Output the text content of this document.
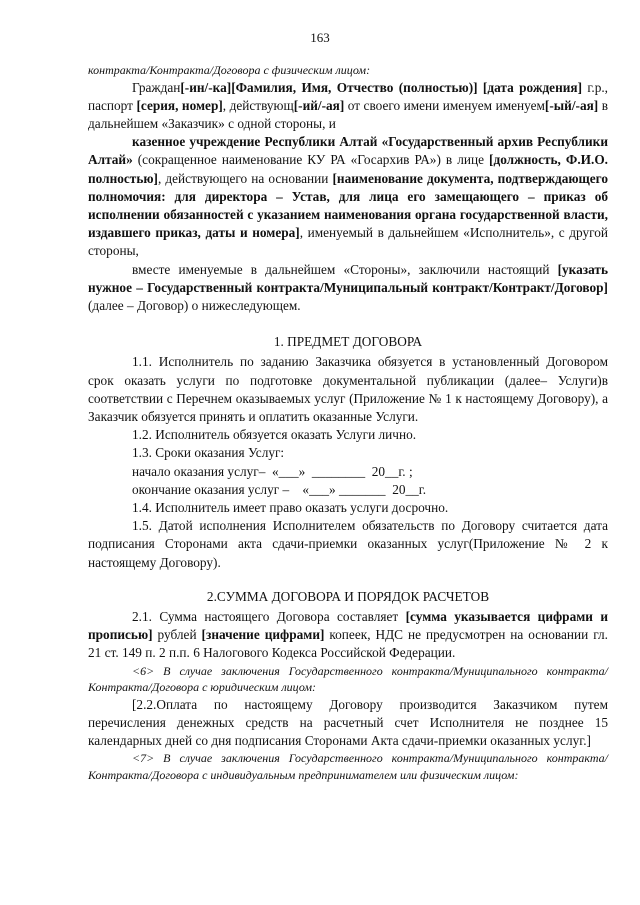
163

контракта/Контракта/Договора с физическим лицом:

Граждан[-ин/-ка][Фамилия, Имя, Отчество (полностью)] [дата рождения] г.р., паспорт [серия, номер], действующ[-ий/-ая] от своего имени именуем именуем[-ый/-ая] в дальнейшем «Заказчик» с одной стороны, и

казенное учреждение Республики Алтай «Государственный архив Республики Алтай» (сокращенное наименование КУ РА «Госархив РА») в лице [должность, Ф.И.О. полностью], действующего на основании [наименование документа, подтверждающего полномочия: для директора – Устав, для лица его замещающего – приказ об исполнении обязанностей с указанием наименования органа государственной власти, издавшего приказ, даты и номера], именуемый в дальнейшем «Исполнитель», с другой стороны,

вместе именуемые в дальнейшем «Стороны», заключили настоящий [указать нужное – Государственный контракта/Муниципальный контракт/Контракт/Договор] (далее – Договор) о нижеследующем.

1. ПРЕДМЕТ ДОГОВОРА

1.1. Исполнитель по заданию Заказчика обязуется в установленный Договором срок оказать услуги по подготовке документальной публикации (далее– Услуги)в соответствии с Перечнем оказываемых услуг (Приложение № 1 к настоящему Договору), а Заказчик обязуется принять и оплатить оказанные Услуги.

1.2. Исполнитель обязуется оказать Услуги лично.

1.3. Сроки оказания Услуг:

начало оказания услуг–  «___»  ________  20__г. ;

окончание оказания услуг –    «___» _______  20__г.

1.4. Исполнитель имеет право оказать услуги досрочно.

1.5. Датой исполнения Исполнителем обязательств по Договору считается дата подписания Сторонами акта сдачи-приемки оказанных услуг(Приложение № 2 к настоящему Договору).

2.СУММА ДОГОВОРА И ПОРЯДОК РАСЧЕТОВ

2.1. Сумма настоящего Договора составляет [сумма указывается цифрами и прописью] рублей [значение цифрами] копеек, НДС не предусмотрен на основании гл. 21 ст. 149 п. 2 п.п. 6 Налогового Кодекса Российской Федерации.

<6> В случае заключения Государственного контракта/Муниципального контракта/Контракта/Договора с юридическим лицом:

[2.2.Оплата по настоящему Договору производится Заказчиком путем перечисления денежных средств на расчетный счет Исполнителя не позднее 15 календарных дней со дня подписания Сторонами Акта сдачи-приемки оказанных услуг.]

<7> В случае заключения Государственного контракта/Муниципального контракта/Контракта/Договора с индивидуальным предпринимателем или физическим лицом:
